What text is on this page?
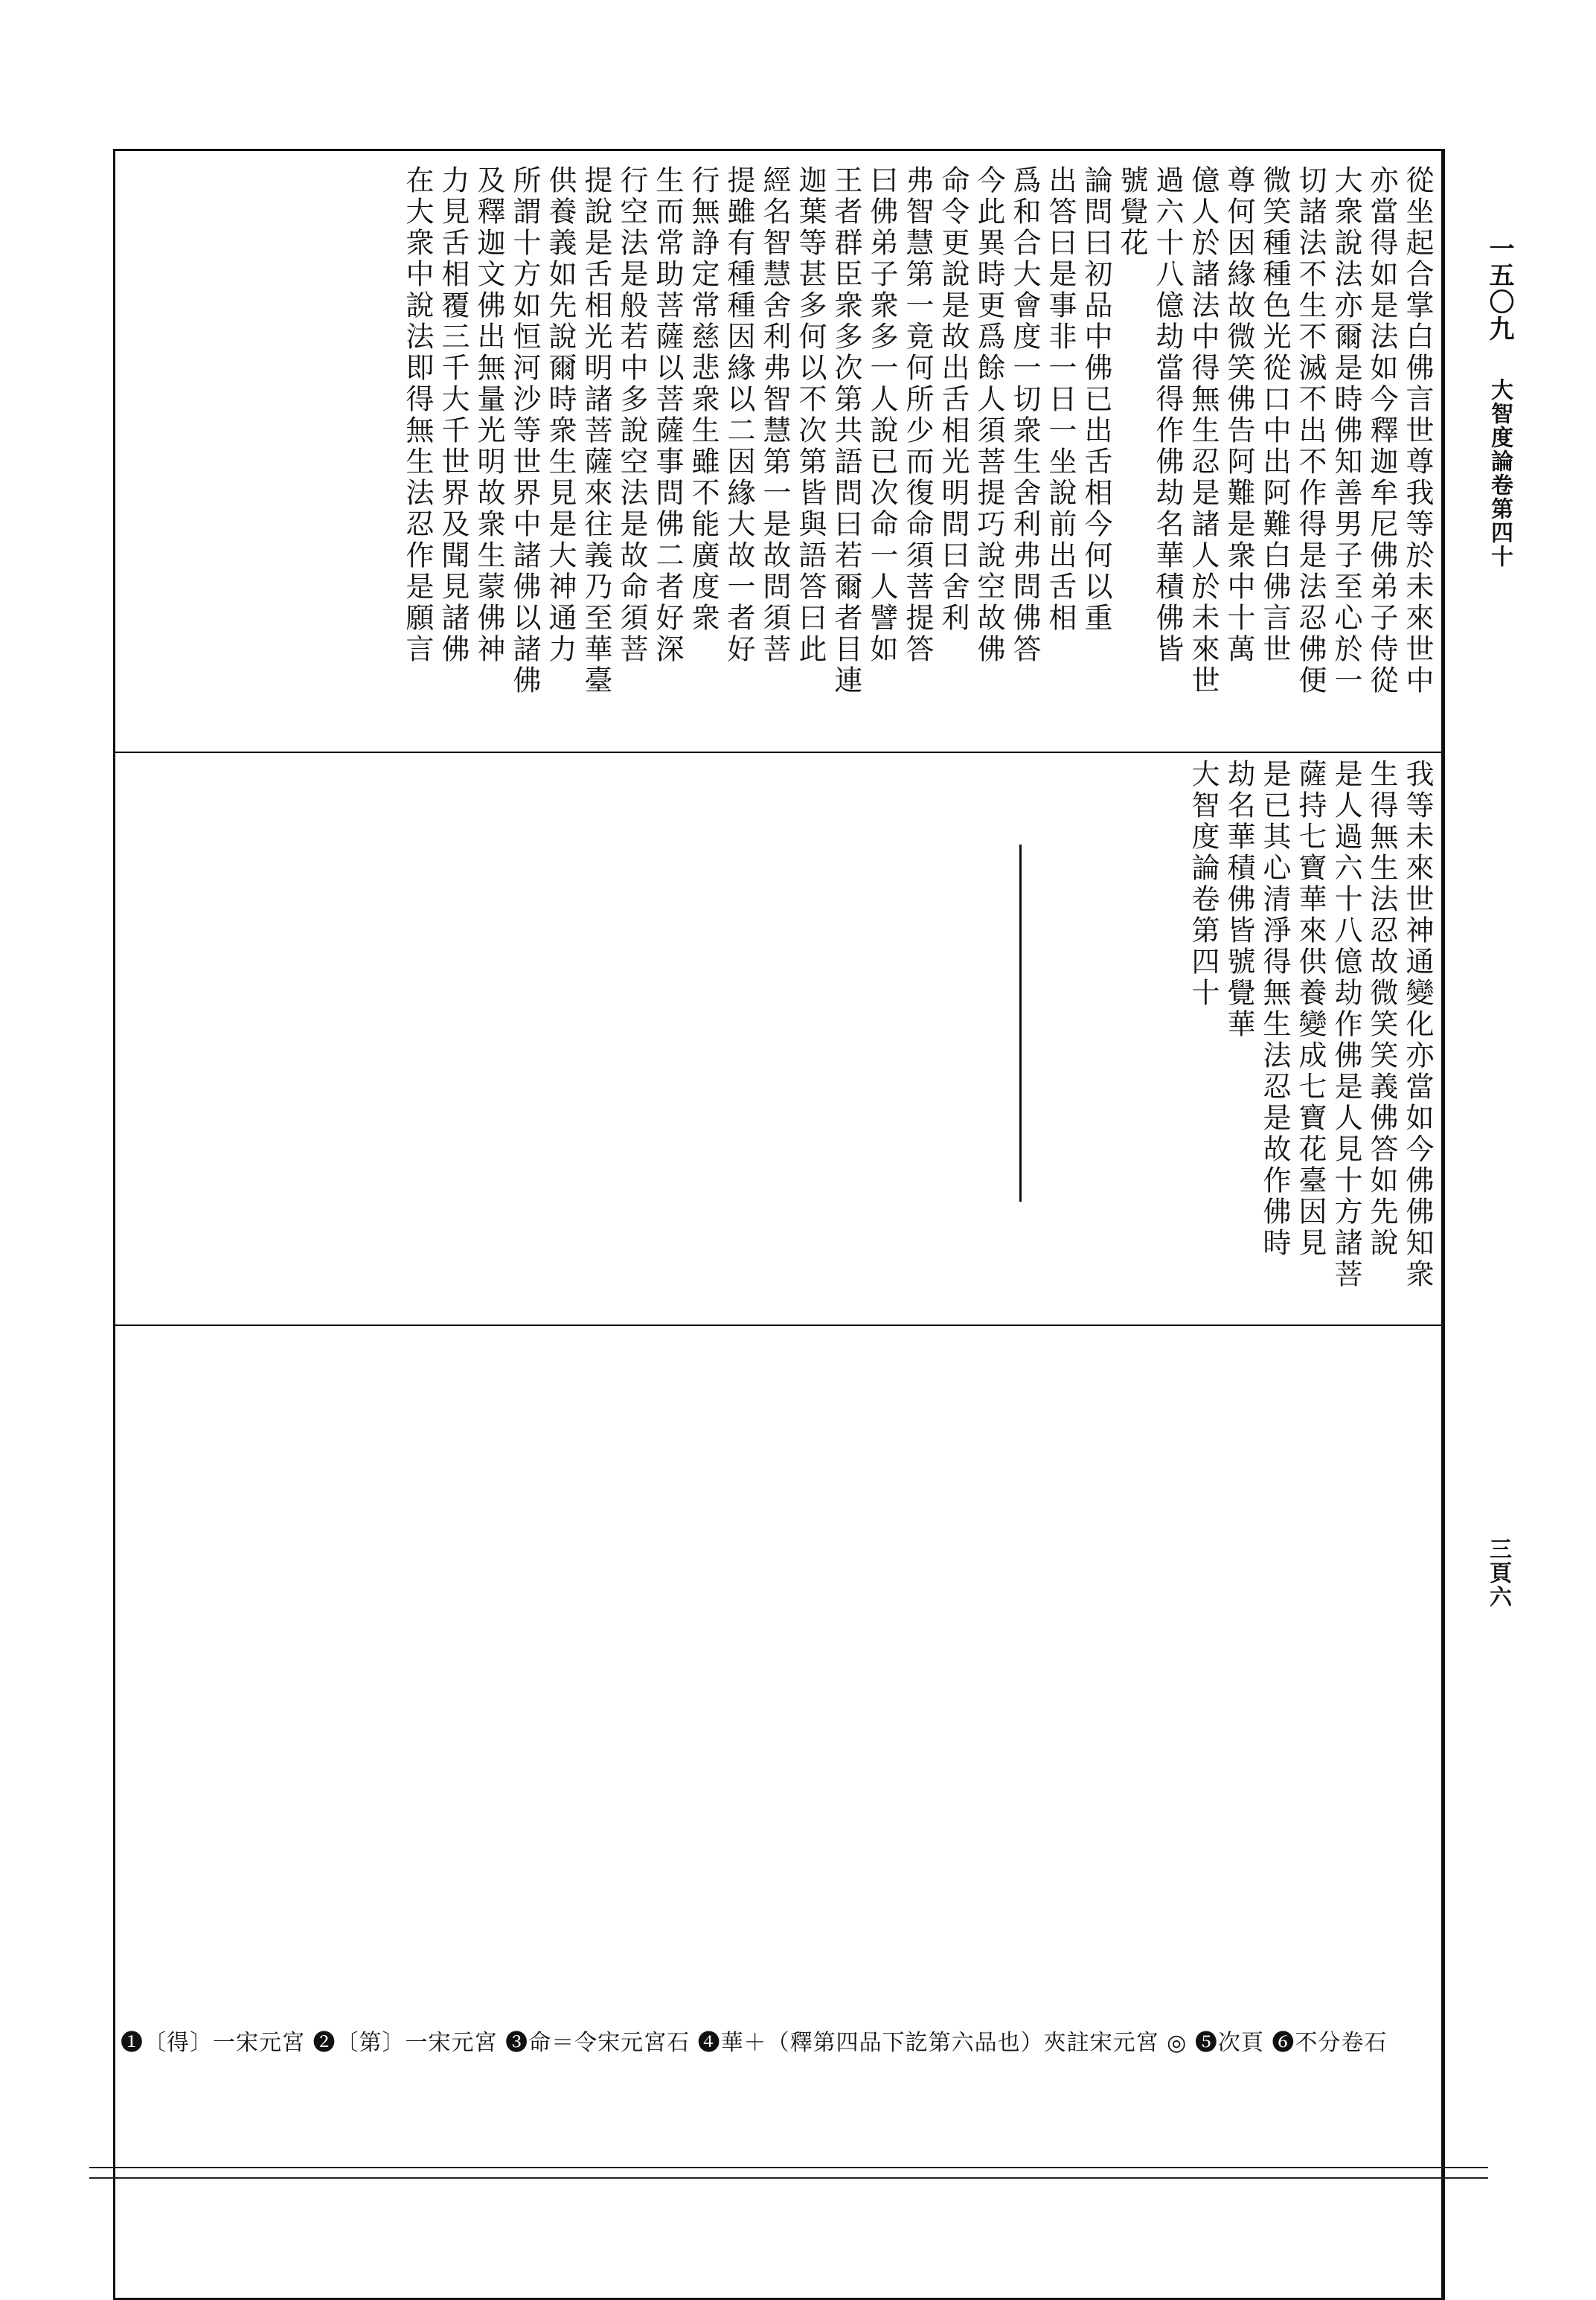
一五〇九
大智度論卷第四十
三頁六
我等未來世神通變化亦當如今佛佛知衆
生得無生法忍故微笑笑義佛答如先說
是人過六十八億劫作佛是人見十方諸菩
薩持七寶華來供養變成七寶花臺因見
是已其心清淨得無生法忍是故作佛時
劫名華積佛皆號覺華
大智度論卷第四十
從坐起合掌白佛言世尊我等於未來世中
亦當得如是法如今釋迦牟尼佛弟子侍從
大衆說法亦爾是時佛知善男子至心於一
切諸法不生不滅不出不作得是法忍佛便
微笑種種色光從口中出阿難白佛言世
尊何因緣故微笑佛告阿難是衆中十萬
億人於諸法中得無生忍是諸人於未來世
過六十八億劫當得作佛劫名華積佛皆
號覺花
論問曰初品中佛已出舌相今何以重
出答曰是事非一日一坐說前出舌相
爲和合大會度一切衆生舍利弗問佛答
今此異時更爲餘人須菩提巧說空故佛
命令更說是故出舌相光明問曰舍利
弗智慧第一竟何所少而復命須菩提答
曰佛弟子衆多一人說已次命一人譬如
王者群臣衆多次第共語問曰若爾者目連
迦葉等甚多何以不次第皆與語答曰此
經名智慧舍利弗智慧第一是故問須菩
提雖有種種因緣以二因緣大故一者好
行無諍定常慈悲衆生雖不能廣度衆
生而常助菩薩以菩薩事問佛二者好深
行空法是般若中多說空法是故命須菩
提說是舌相光明諸菩薩來往義乃至華臺
供養義如先說爾時衆生見是大神通力
所謂十方如恒河沙等世界中諸佛以諸佛
及釋迦文佛出無量光明故衆生蒙佛神
力見舌相覆三千大千世界及聞見諸佛
在大衆中說法即得無生法忍作是願言
❶〔得〕一宋元宮 ❷〔第〕一宋元宮 ❸命＝令宋元宮石 ❹華＋（釋第四品下訖第六品也）夾註宋元宮 ◎ ❺次頁 ❻不分卷石
